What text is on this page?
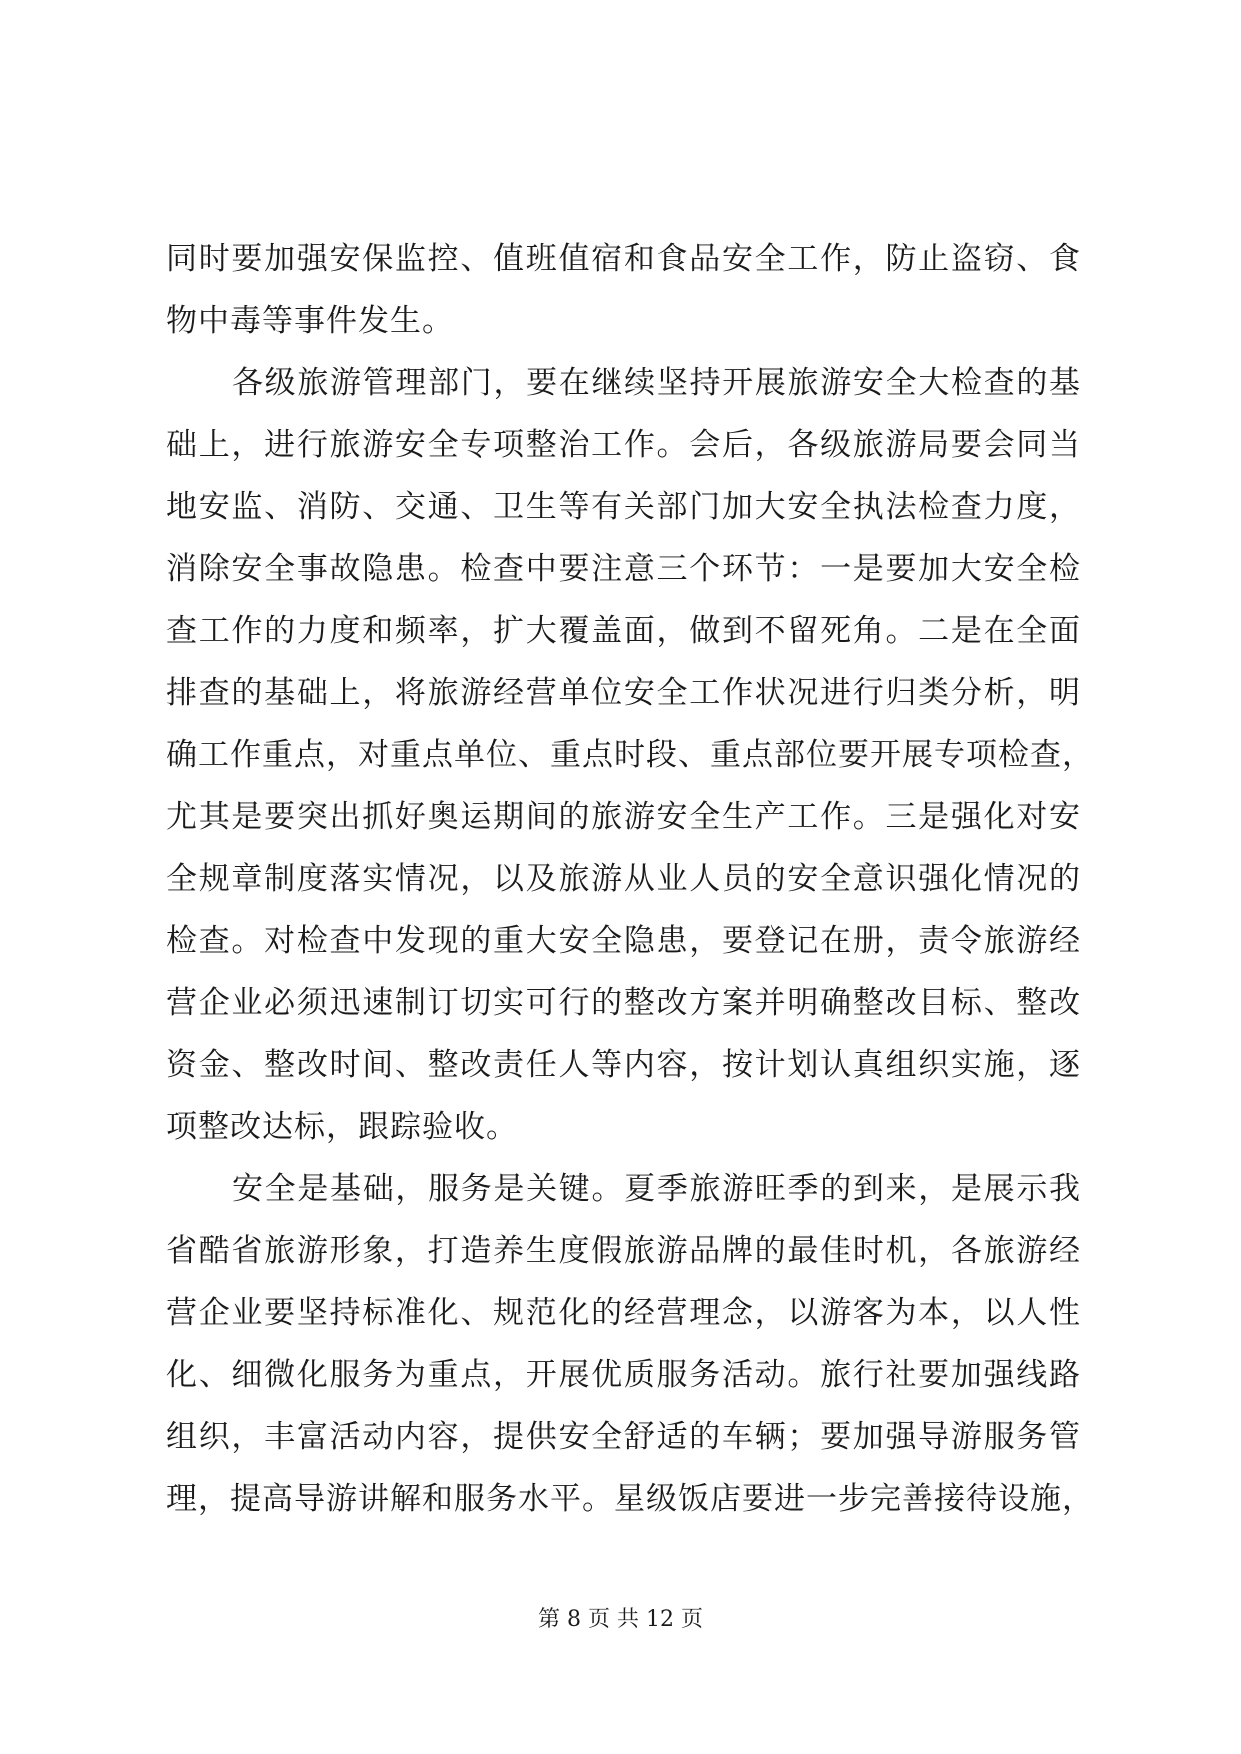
同时要加强安保监控、值班值宿和食品安全工作，防止盗窃、食
物中毒等事件发生。
各级旅游管理部门，要在继续坚持开展旅游安全大检查的基
础上，进行旅游安全专项整治工作。会后，各级旅游局要会同当
地安监、消防、交通、卫生等有关部门加大安全执法检查力度，
消除安全事故隐患。检查中要注意三个环节：一是要加大安全检
查工作的力度和频率，扩大覆盖面，做到不留死角。二是在全面
排查的基础上，将旅游经营单位安全工作状况进行归类分析，明
确工作重点，对重点单位、重点时段、重点部位要开展专项检查，
尤其是要突出抓好奥运期间的旅游安全生产工作。三是强化对安
全规章制度落实情况，以及旅游从业人员的安全意识强化情况的
检查。对检查中发现的重大安全隐患，要登记在册，责令旅游经
营企业必须迅速制订切实可行的整改方案并明确整改目标、整改
资金、整改时间、整改责任人等内容，按计划认真组织实施，逐
项整改达标，跟踪验收。
安全是基础，服务是关键。夏季旅游旺季的到来，是展示我
省酷省旅游形象，打造养生度假旅游品牌的最佳时机，各旅游经
营企业要坚持标准化、规范化的经营理念，以游客为本，以人性
化、细微化服务为重点，开展优质服务活动。旅行社要加强线路
组织，丰富活动内容，提供安全舒适的车辆；要加强导游服务管
理，提高导游讲解和服务水平。星级饭店要进一步完善接待设施，
第 8 页 共 12 页
